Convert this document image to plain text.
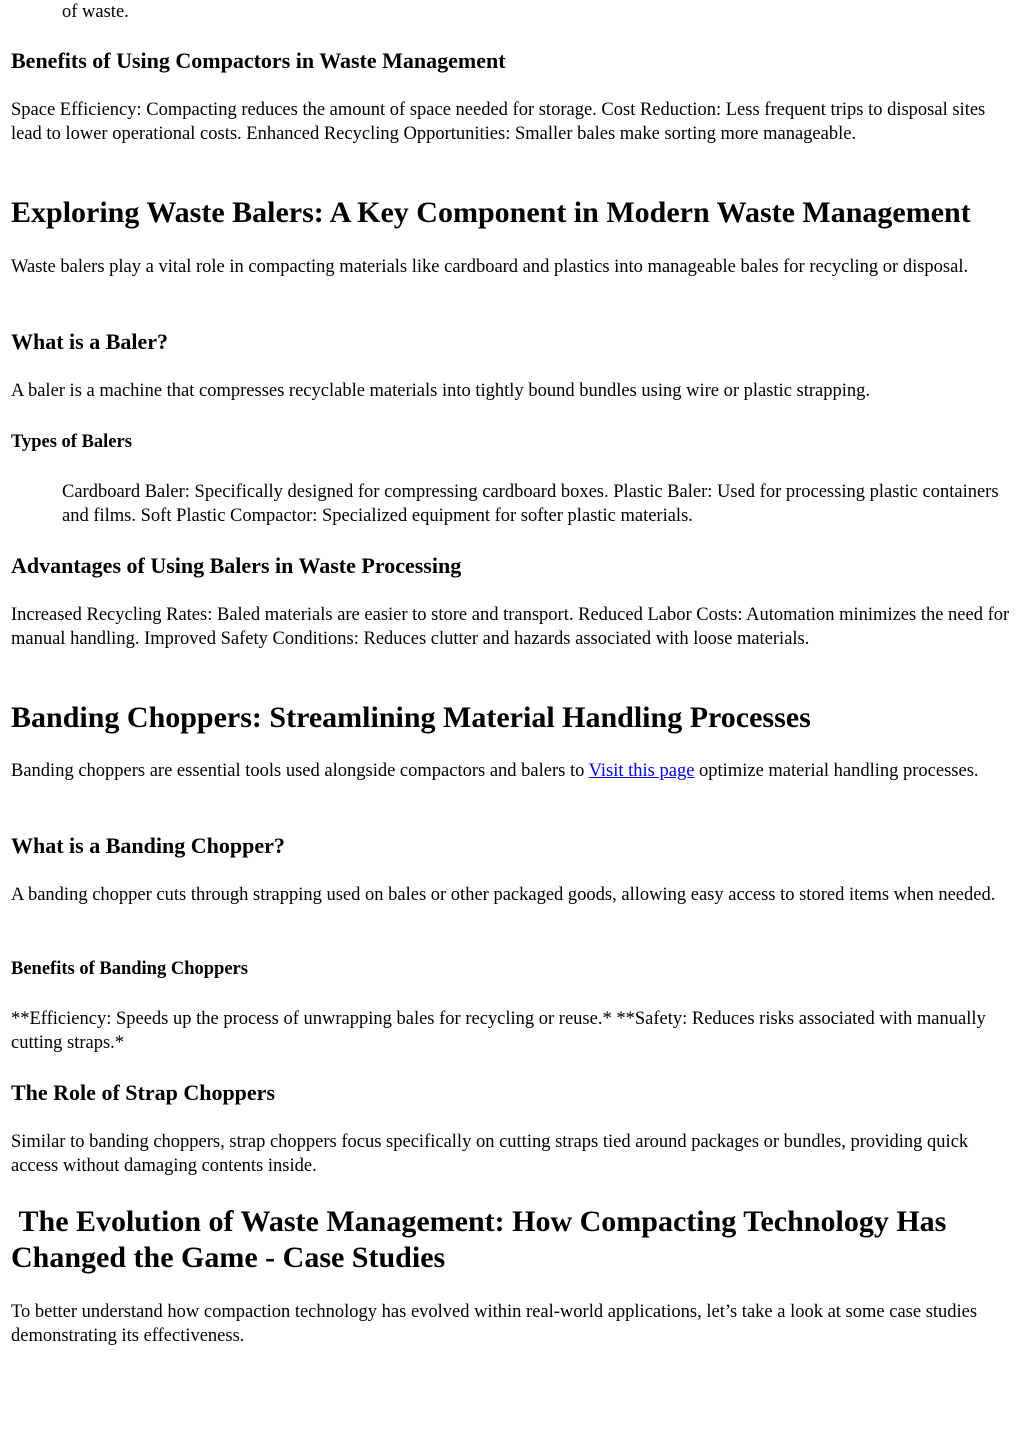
of waste.

Benefits of Using Compactors in Waste Management

Space Efficiency: Compacting reduces the amount of space needed for storage. Cost Reduction: Less frequent trips to disposal sites lead to lower operational costs. Enhanced Recycling Opportunities: Smaller bales make sorting more manageable.

Exploring Waste Balers: A Key Component in Modern Waste Management

Waste balers play a vital role in compacting materials like cardboard and plastics into manageable bales for recycling or disposal.

What is a Baler?

A baler is a machine that compresses recyclable materials into tightly bound bundles using wire or plastic strapping.

Types of Balers

Cardboard Baler: Specifically designed for compressing cardboard boxes. Plastic Baler: Used for processing plastic containers and films. Soft Plastic Compactor: Specialized equipment for softer plastic materials.

Advantages of Using Balers in Waste Processing

Increased Recycling Rates: Baled materials are easier to store and transport. Reduced Labor Costs: Automation minimizes the need for manual handling. Improved Safety Conditions: Reduces clutter and hazards associated with loose materials.

Banding Choppers: Streamlining Material Handling Processes

Banding choppers are essential tools used alongside compactors and balers to Visit this page optimize material handling processes.

What is a Banding Chopper?

A banding chopper cuts through strapping used on bales or other packaged goods, allowing easy access to stored items when needed.

Benefits of Banding Choppers

**Efficiency: Speeds up the process of unwrapping bales for recycling or reuse.* **Safety: Reduces risks associated with manually cutting straps.*

The Role of Strap Choppers

Similar to banding choppers, strap choppers focus specifically on cutting straps tied around packages or bundles, providing quick access without damaging contents inside.

The Evolution of Waste Management: How Compacting Technology Has Changed the Game - Case Studies

To better understand how compaction technology has evolved within real-world applications, let’s take a look at some case studies demonstrating its effectiveness.
